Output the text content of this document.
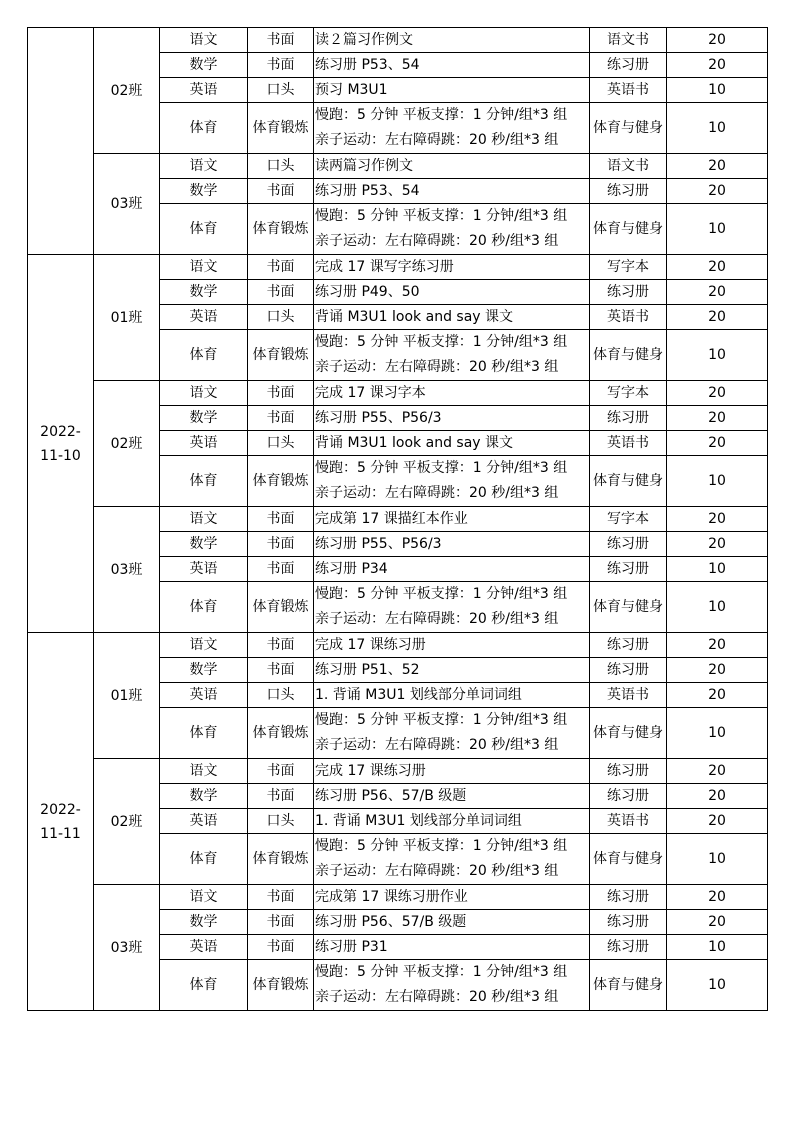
	02班	语文	书面	读２篇习作例文	语文书	20
		数学	书面	练习册 P53、54	练习册	20
		英语	口头	预习 M3U1	英语书	10
		体育	体育锻炼	慢跑：5 分钟 平板支撑：1 分钟/组*3 组
亲子运动：左右障碍跳：20 秒/组*3 组	体育与健身	10
	03班	语文	口头	读两篇习作例文	语文书	20
		数学	书面	练习册 P53、54	练习册	20
		体育	体育锻炼	慢跑：5 分钟 平板支撑：1 分钟/组*3 组
亲子运动：左右障碍跳：20 秒/组*3 组	体育与健身	10
2022-11-10	01班	语文	书面	完成 17 课写字练习册	写字本	20
		数学	书面	练习册 P49、50	练习册	20
		英语	口头	背诵 M3U1 look and say 课文	英语书	20
		体育	体育锻炼	慢跑：5 分钟 平板支撑：1 分钟/组*3 组
亲子运动：左右障碍跳：20 秒/组*3 组	体育与健身	10
	02班	语文	书面	完成 17 课习字本	写字本	20
		数学	书面	练习册 P55、P56/3	练习册	20
		英语	口头	背诵 M3U1 look and say 课文	英语书	20
		体育	体育锻炼	慢跑：5 分钟 平板支撑：1 分钟/组*3 组
亲子运动：左右障碍跳：20 秒/组*3 组	体育与健身	10
	03班	语文	书面	完成第 17 课描红本作业	写字本	20
		数学	书面	练习册 P55、P56/3	练习册	20
		英语	书面	练习册 P34	练习册	10
		体育	体育锻炼	慢跑：5 分钟 平板支撑：1 分钟/组*3 组
亲子运动：左右障碍跳：20 秒/组*3 组	体育与健身	10
2022-11-11	01班	语文	书面	完成 17 课练习册	练习册	20
		数学	书面	练习册 P51、52	练习册	20
		英语	口头	1. 背诵 M3U1 划线部分单词词组	英语书	20
		体育	体育锻炼	慢跑：5 分钟 平板支撑：1 分钟/组*3 组
亲子运动：左右障碍跳：20 秒/组*3 组	体育与健身	10
	02班	语文	书面	完成 17 课练习册	练习册	20
		数学	书面	练习册 P56、57/B 级题	练习册	20
		英语	口头	1. 背诵 M3U1 划线部分单词词组	英语书	20
		体育	体育锻炼	慢跑：5 分钟 平板支撑：1 分钟/组*3 组
亲子运动：左右障碍跳：20 秒/组*3 组	体育与健身	10
	03班	语文	书面	完成第 17 课练习册作业	练习册	20
		数学	书面	练习册 P56、57/B 级题	练习册	20
		英语	书面	练习册 P31	练习册	10
		体育	体育锻炼	慢跑：5 分钟 平板支撑：1 分钟/组*3 组
亲子运动：左右障碍跳：20 秒/组*3 组	体育与健身	10
